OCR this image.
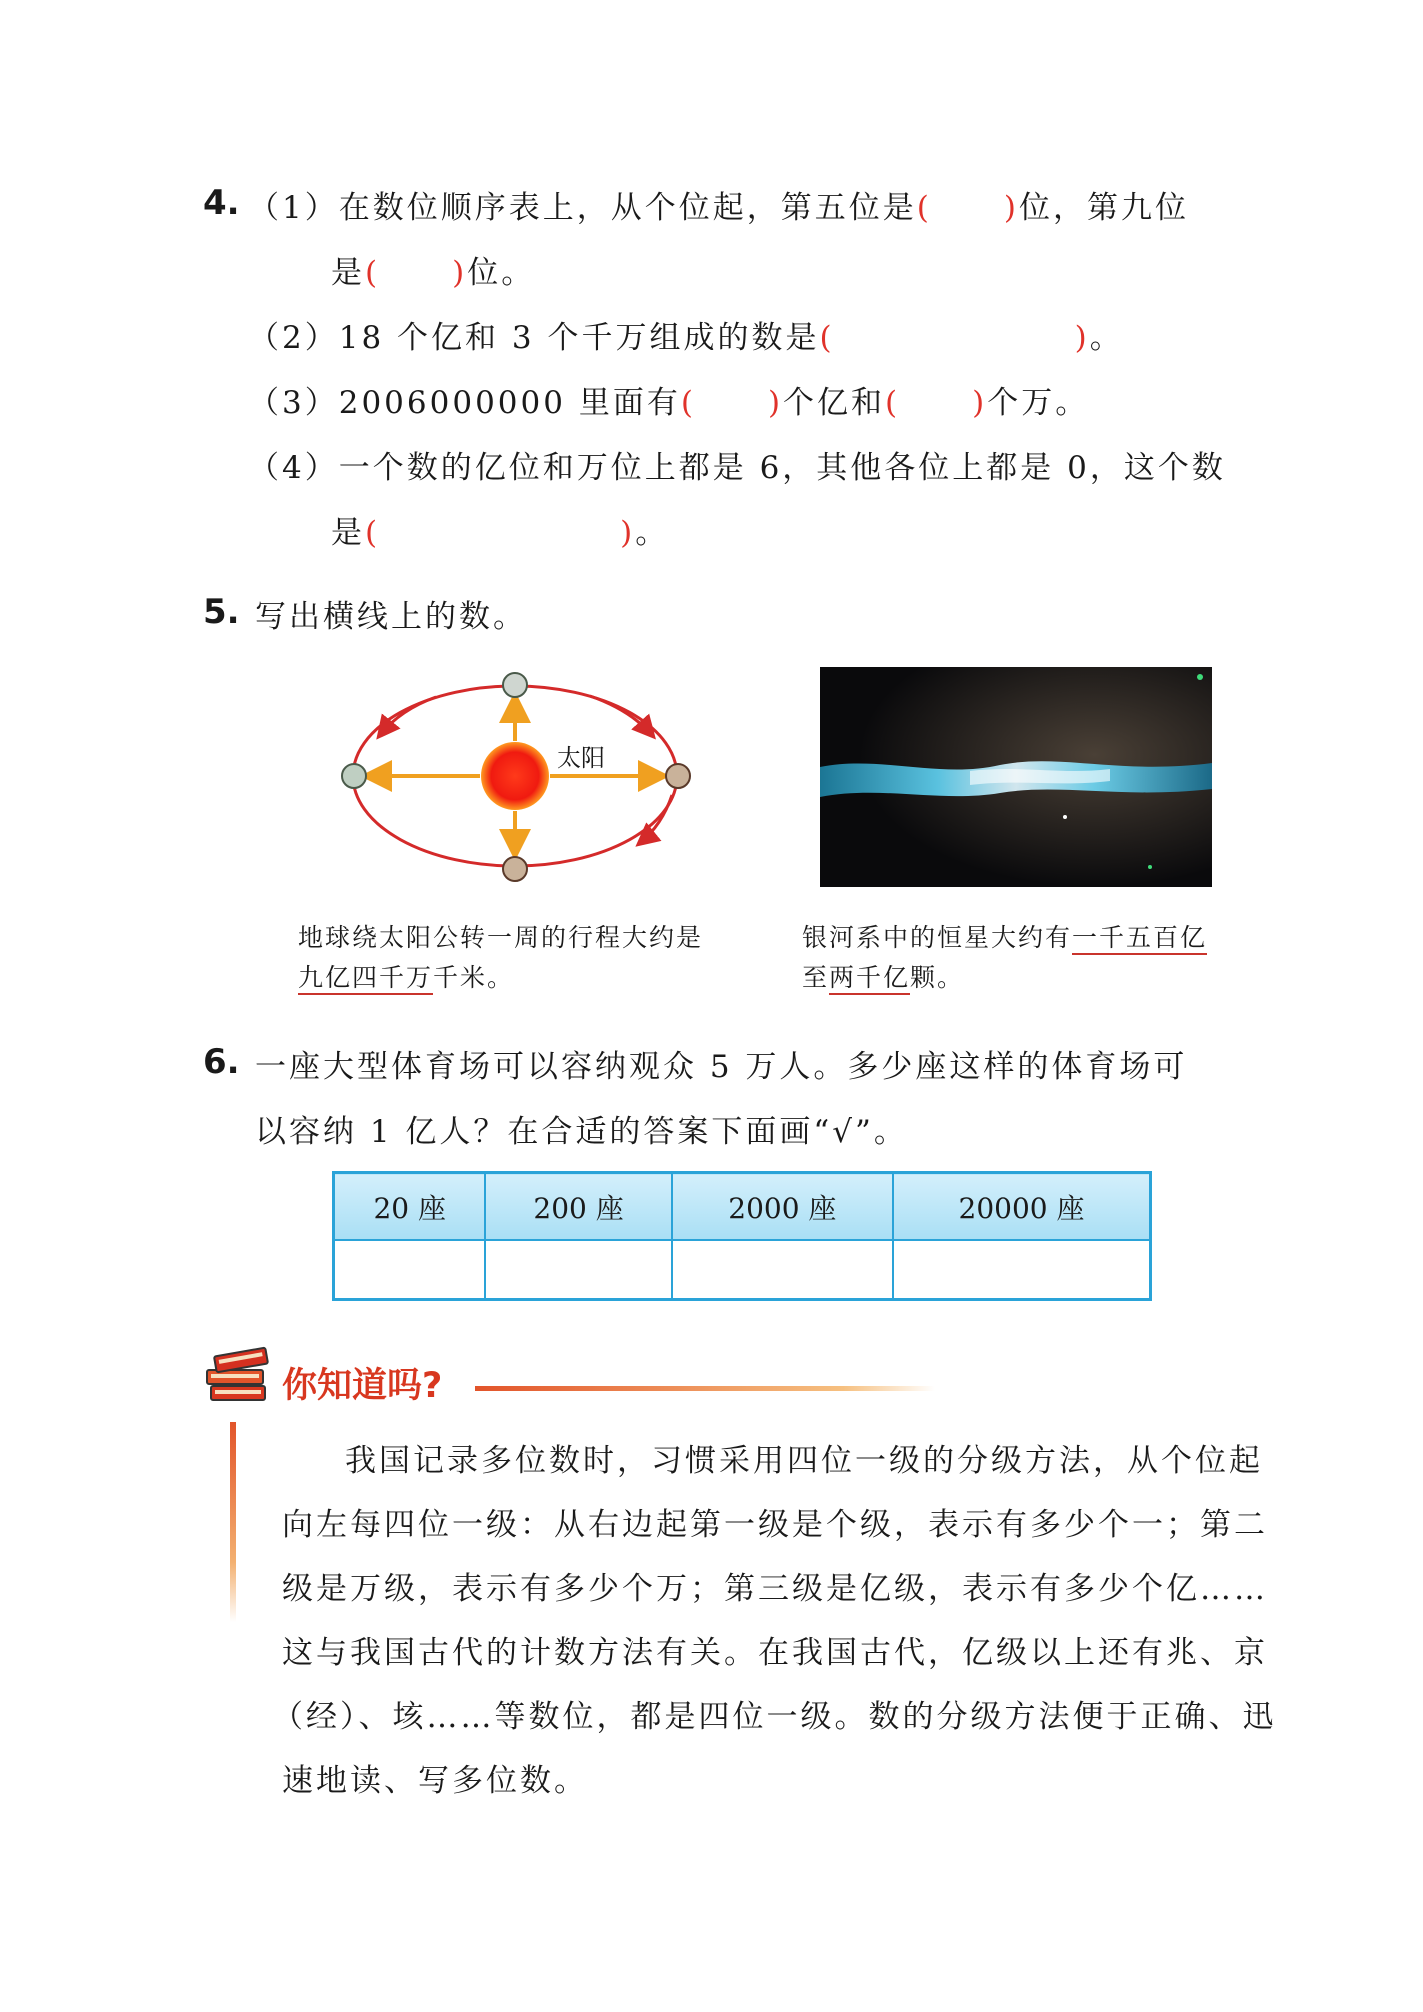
4. （1）在数位顺序表上，从个位起，第五位是( )位，第九位
是( )位。
（2）18 个亿和 3 个千万组成的数是(	)。
（3）2006000000 里面有( )个亿和( )个万。
（4）一个数的亿位和万位上都是 6，其他各位上都是 0，这个数
是(	)。
5. 写出横线上的数。
太阳
地球绕太阳公转一周的行程大约是
九亿四千万千米。
银河系中的恒星大约有一千五百亿
至两千亿颗。
6. 一座大型体育场可以容纳观众 5 万人。多少座这样的体育场可
以容纳 1 亿人？在合适的答案下面画“√”。
20 座	200 座	2000 座	20000 座

你知道吗?
我国记录多位数时，习惯采用四位一级的分级方法，从个位起
向左每四位一级：从右边起第一级是个级，表示有多少个一；第二
级是万级，表示有多少个万；第三级是亿级，表示有多少个亿……
这与我国古代的计数方法有关。在我国古代，亿级以上还有兆、京
（经）、垓……等数位，都是四位一级。数的分级方法便于正确、迅
速地读、写多位数。
